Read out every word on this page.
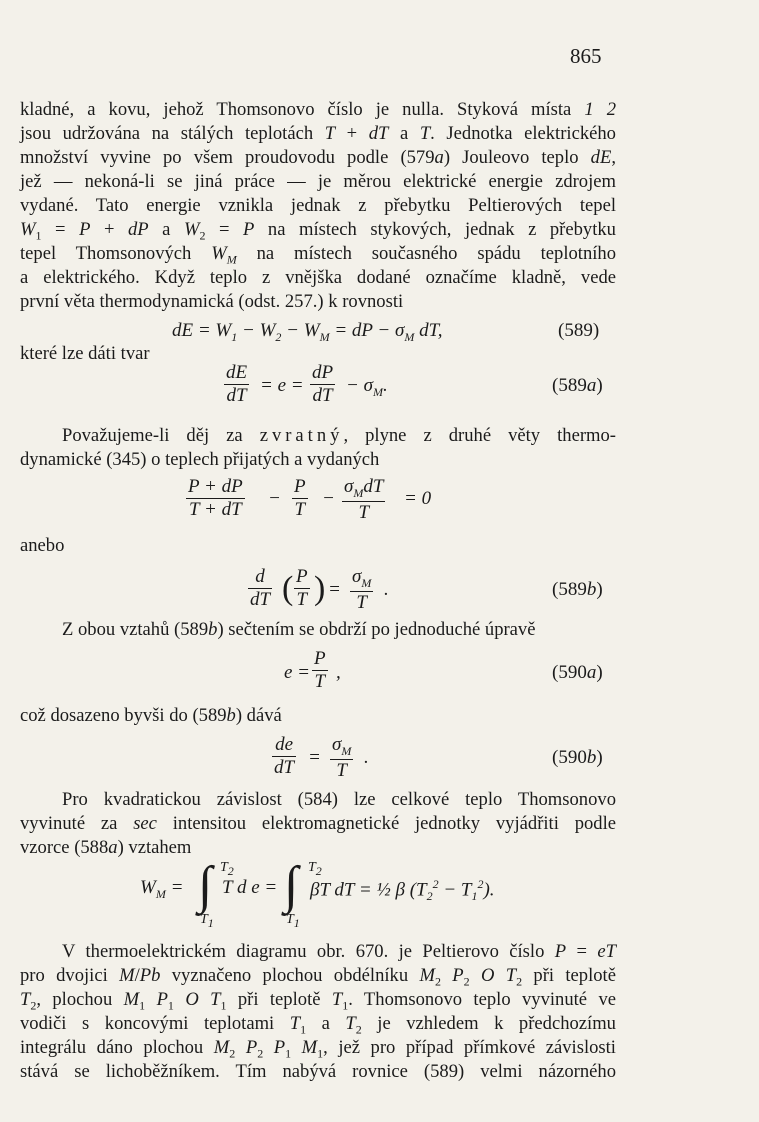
865
kladné, a kovu, jehož Thomsonovo číslo je nulla. Styková místa 1 2
jsou udržována na stálých teplotách T + dT a T. Jednotka elektrického
množství vyvine po všem proudovodu podle (579a) Jouleovo teplo dE,
jež — nekoná-li se jiná práce — je měrou elektrické energie zdrojem
vydané. Tato energie vznikla jednak z přebytku Peltierových tepel
$W_1 = P$ + dP a $W_2 = P$ na místech stykových, jednak z přebytku
tepel Thomsonových $W_M$ na místech současného spádu teplotního
a elektrického. Když teplo z vnějška dodané označíme kladně, vede
první věta thermodynamická (odst. 257.) k rovnosti
dE = $W_1 - W_2 - W_M$ = dP − $\sigma_M$ dT,	(589)
které lze dáti tvar
$\frac{dE}{dT} = e = \frac{dP}{dT} - \sigma_M$.	(589a)
Považujeme-li děj za zvratný, plyne z druhé věty thermo-
dynamické (345) o teplech přijatých a vydaných
$\frac{P + dP}{T + dT} - \frac{P}{T}$ −
$\sigma_MdT$
T
= 0
anebo
$\frac{d}{dT}$ ( $\frac{P}{T}$ ) = $\frac{\sigma_M}{T}$ .	(589b)
Z obou vztahů (589b) sečtením se obdrží po jednoduché úpravě
$e = \frac{P}{T}$ ,	(590a)
což dosazeno byvši do (589b) dává
$\frac{de}{dT} = \frac{\sigma_M}{T}$ .	(590b)
Pro kvadratickou závislost (584) lze celkové teplo Thomsonovo
vyvinuté za sec intensitou elektromagnetické jednotky vyjádřiti podle
vzorce (588a) vztahem
$W_M$ = ∫ $T_2$
$T_1$
T d e = ∫ $T_2$
$T_1$
βT dT = ½ β $(T_2^2 - T_1^2)$.
V thermoelektrickém diagramu obr. 670. je Peltierovo číslo P = eT
pro dvojici M/Pb vyznačeno plochou obdélníku $M_2$ $P_2$ O $T_2$ při teplotě
$T_2$, plochou $M_1$ $P_1$ O $T_1$ při teplotě $T_1$. Thomsonovo teplo vyvinuté ve
vodiči s koncovými teplotami $T_1$ a $T_2$ je vzhledem k předchozímu
integrálu dáno plochou $M_2$ $P_2$ $P_1$ $M_1$, jež pro případ přímkové závislosti
stává se lichoběžníkem. Tím nabývá rovnice (589) velmi názorného
